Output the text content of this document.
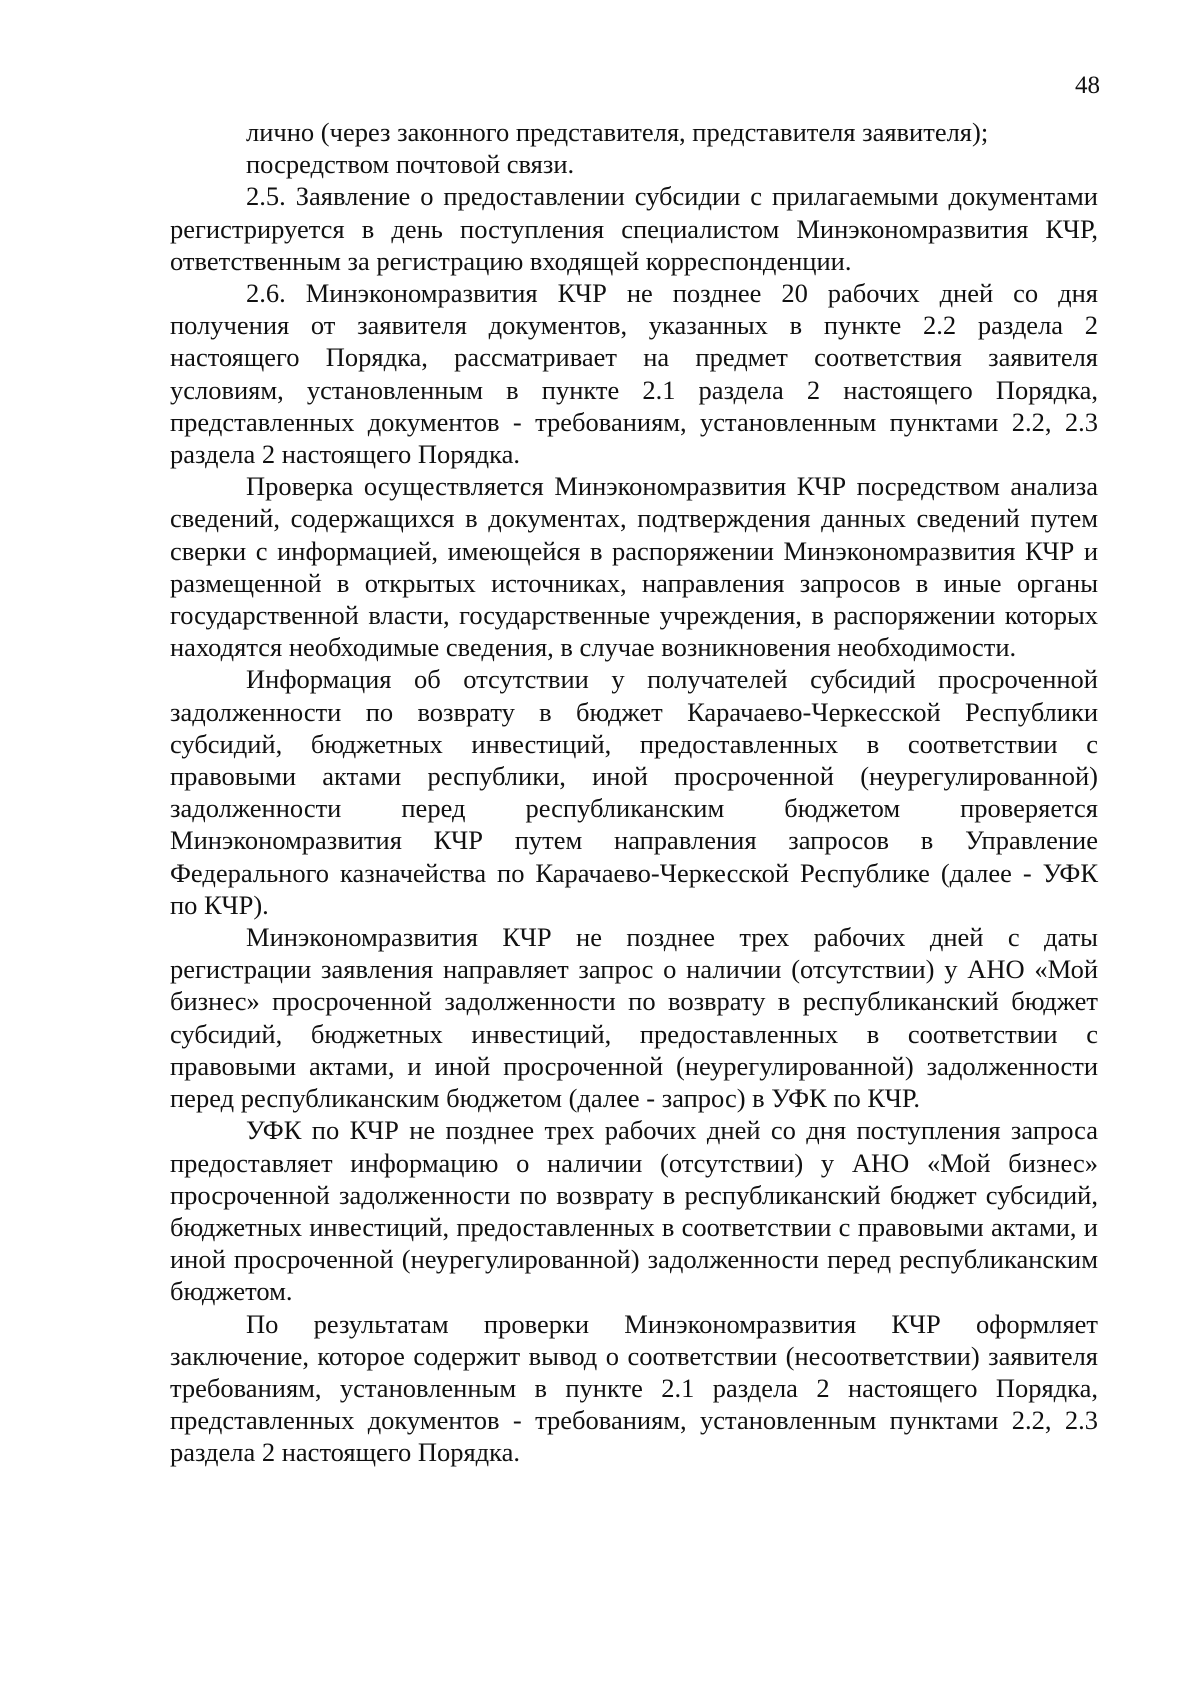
48

лично (через законного представителя, представителя заявителя);

посредством почтовой связи.

2.5. Заявление о предоставлении субсидии с прилагаемыми документами регистрируется в день поступления специалистом Минэкономразвития КЧР, ответственным за регистрацию входящей корреспонденции.

2.6. Минэкономразвития КЧР не позднее 20 рабочих дней со дня получения от заявителя документов, указанных в пункте 2.2 раздела 2 настоящего Порядка, рассматривает на предмет соответствия заявителя условиям, установленным в пункте 2.1 раздела 2 настоящего Порядка, представленных документов - требованиям, установленным пунктами 2.2, 2.3 раздела 2 настоящего Порядка.

Проверка осуществляется Минэкономразвития КЧР посредством анализа сведений, содержащихся в документах, подтверждения данных сведений путем сверки с информацией, имеющейся в распоряжении Минэкономразвития КЧР и размещенной в открытых источниках, направления запросов в иные органы государственной власти, государственные учреждения, в распоряжении которых находятся необходимые сведения, в случае возникновения необходимости.

Информация об отсутствии у получателей субсидий просроченной задолженности по возврату в бюджет Карачаево-Черкесской Республики субсидий, бюджетных инвестиций, предоставленных в соответствии с правовыми актами республики, иной просроченной (неурегулированной) задолженности перед республиканским бюджетом проверяется Минэкономразвития КЧР путем направления запросов в Управление Федерального казначейства по Карачаево-Черкесской Республике (далее - УФК по КЧР).

Минэкономразвития КЧР не позднее трех рабочих дней с даты регистрации заявления направляет запрос о наличии (отсутствии) у АНО «Мой бизнес» просроченной задолженности по возврату в республиканский бюджет субсидий, бюджетных инвестиций, предоставленных в соответствии с правовыми актами, и иной просроченной (неурегулированной) задолженности перед республиканским бюджетом (далее - запрос) в УФК по КЧР.

УФК по КЧР не позднее трех рабочих дней со дня поступления запроса предоставляет информацию о наличии (отсутствии) у АНО «Мой бизнес» просроченной задолженности по возврату в республиканский бюджет субсидий, бюджетных инвестиций, предоставленных в соответствии с правовыми актами, и иной просроченной (неурегулированной) задолженности перед республиканским бюджетом.

По результатам проверки Минэкономразвития КЧР оформляет заключение, которое содержит вывод о соответствии (несоответствии) заявителя требованиям, установленным в пункте 2.1 раздела 2 настоящего Порядка, представленных документов - требованиям, установленным пунктами 2.2, 2.3 раздела 2 настоящего Порядка.
